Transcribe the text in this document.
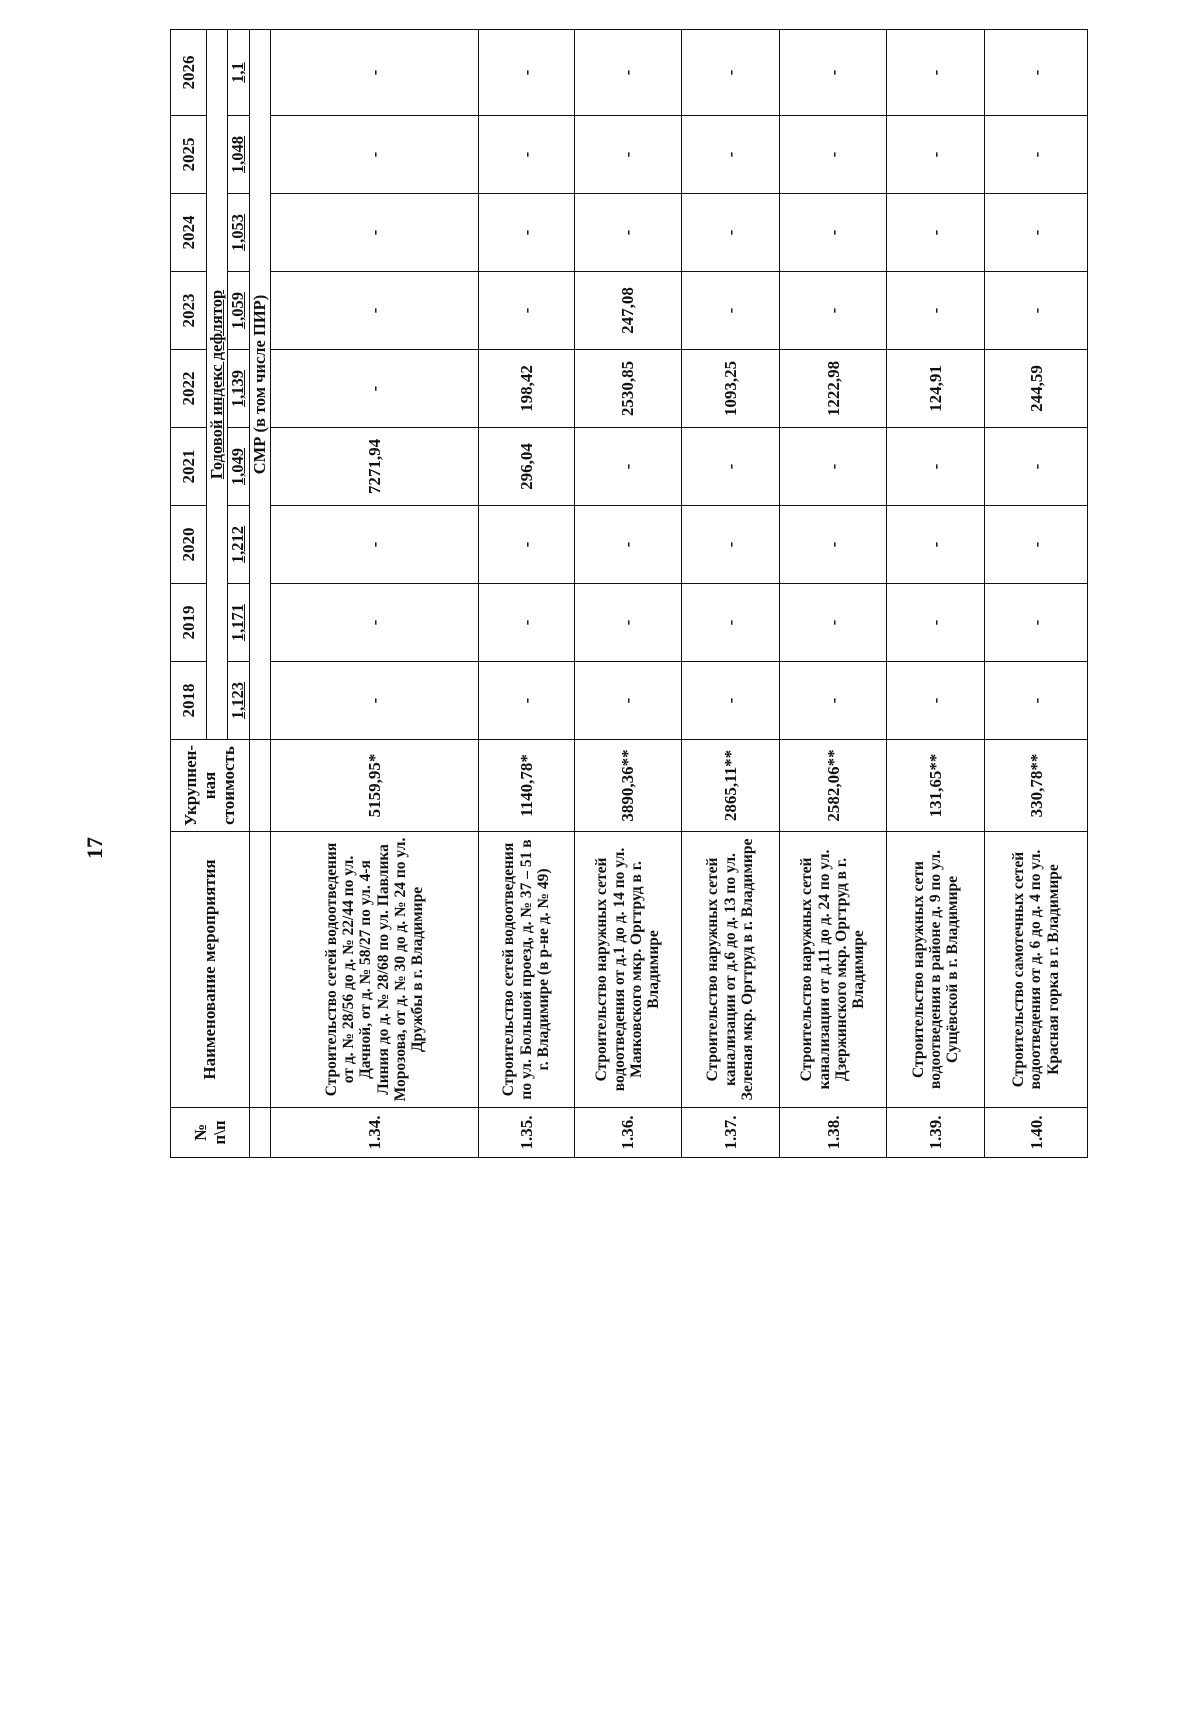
17
№ п\п	Наименование мероприятия	Укрупнен-ная стоимость	2018	2019	2020	2021	2022	2023	2024	2025	2026
			Годовой индекс дефлятор								
			1,123	1,171	1,212	1,049	1,139	1,059	1,053	1,048	1,1
			СМР (в том числе ПИР)								
1.34.	Строительство сетей водоотведения от д. № 28/56 до д. № 22/44 по ул. Дачной, от д. № 58/27 по ул. 4-я Линия до д. № 28/68 по ул. Павлика Морозова, от д. № 30 до д. № 24 по ул. Дружбы в г. Владимире	5159,95*	-	-	-	7271,94	-	-	-	-	-
1.35.	Строительство сетей водоотведения по ул. Большой проезд, д. № 37 – 51 в г. Владимире (в р-не д. № 49)	1140,78*	-	-	-	296,04	198,42	-	-	-	-
1.36.	Строительство наружных сетей водоотведения от д.1 до д. 14 по ул. Маяковского мкр. Оргтруд в г. Владимире	3890,36**	-	-	-	-	2530,85	247,08	-	-	-
1.37.	Строительство наружных сетей канализации от д.6 до д. 13 по ул. Зеленая мкр. Оргтруд в г. Владимире	2865,11**	-	-	-	-	1093,25	-	-	-	-
1.38.	Строительство наружных сетей канализации от д.11 до д. 24 по ул. Дзержинского мкр. Оргтруд в г. Владимире	2582,06**	-	-	-	-	1222,98	-	-	-	-
1.39.	Строительство наружных сети водоотведения в районе д. 9 по ул. Сущёвской в г. Владимире	131,65**	-	-	-	-	124,91	-	-	-	-
1.40.	Строительство самотечных сетей водоотведения от д. 6 до д. 4 по ул. Красная горка в г. Владимире	330,78**	-	-	-	-	244,59	-	-	-	-
